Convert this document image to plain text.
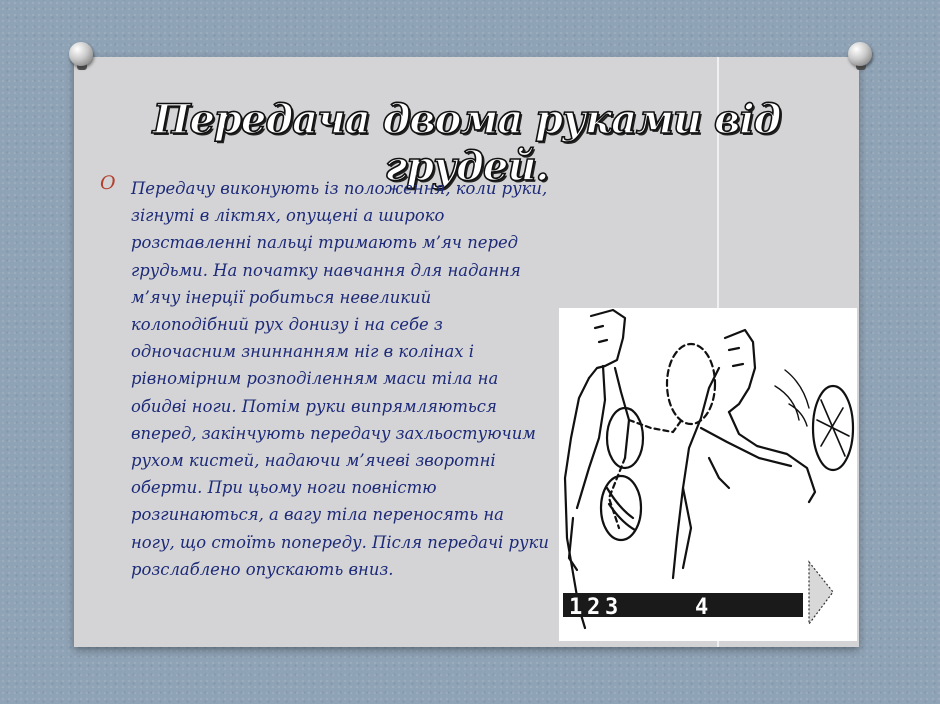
Передача двома руками від грудей.
O Передачу виконують із положення, коли руки, зігнуті в ліктях, опущені а широко розставленні пальці тримають м’яч перед грудьми. На початку навчання для надання м’ячу інерції робиться невеликий колоподібний рух донизу і на себе з одночасним зниннанням ніг в колінах і рівномірним розподіленням маси тіла на обидві ноги. Потім руки випрямляються вперед, закінчують передачу захльостуючим рухом кистей, надаючи м’ячеві зворотні оберти. При цьому ноги повністю розгинаються, а вагу тіла переносять на ногу, що стоїть попереду. Після передачі руки розслаблено опускають вниз.

1 2 3	4
